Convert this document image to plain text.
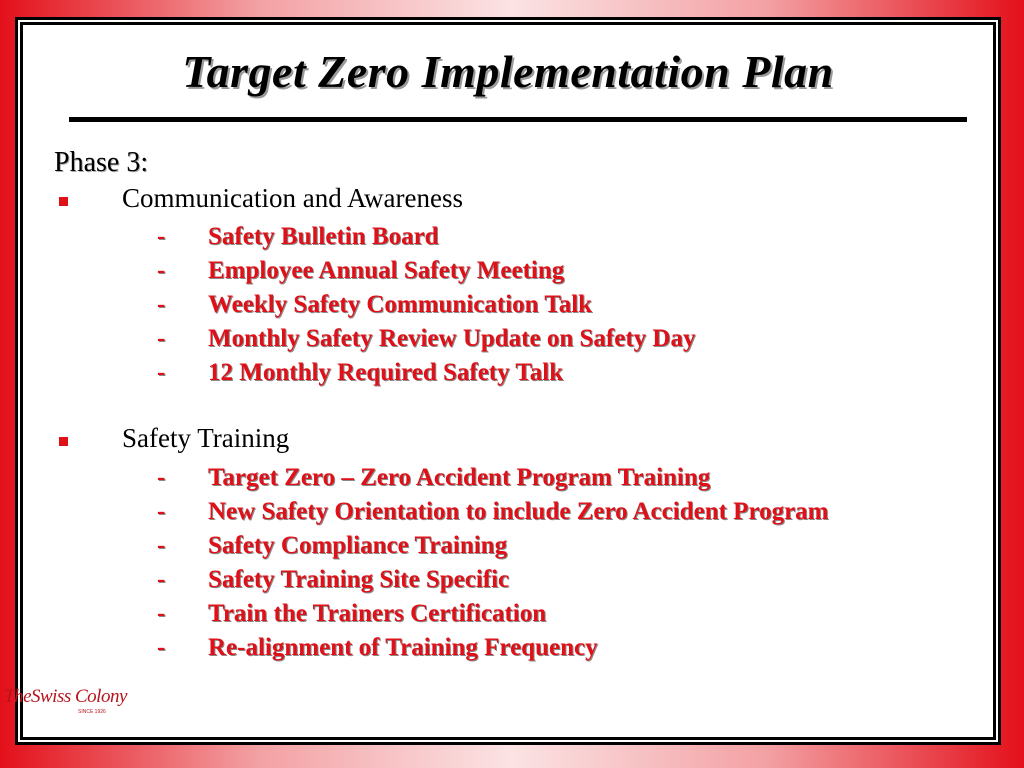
Target Zero Implementation Plan
Phase 3:
Communication and Awareness
- Safety Bulletin Board
- Employee Annual Safety Meeting
- Weekly Safety Communication Talk
- Monthly Safety Review Update on Safety Day
- 12 Monthly Required Safety Talk
Safety Training
- Target Zero – Zero Accident Program Training
- New Safety Orientation to include Zero Accident Program
- Safety Compliance Training
- Safety Training Site Specific
- Train the Trainers Certification
- Re-alignment of Training Frequency
TheSwiss Colony
SINCE 1926
